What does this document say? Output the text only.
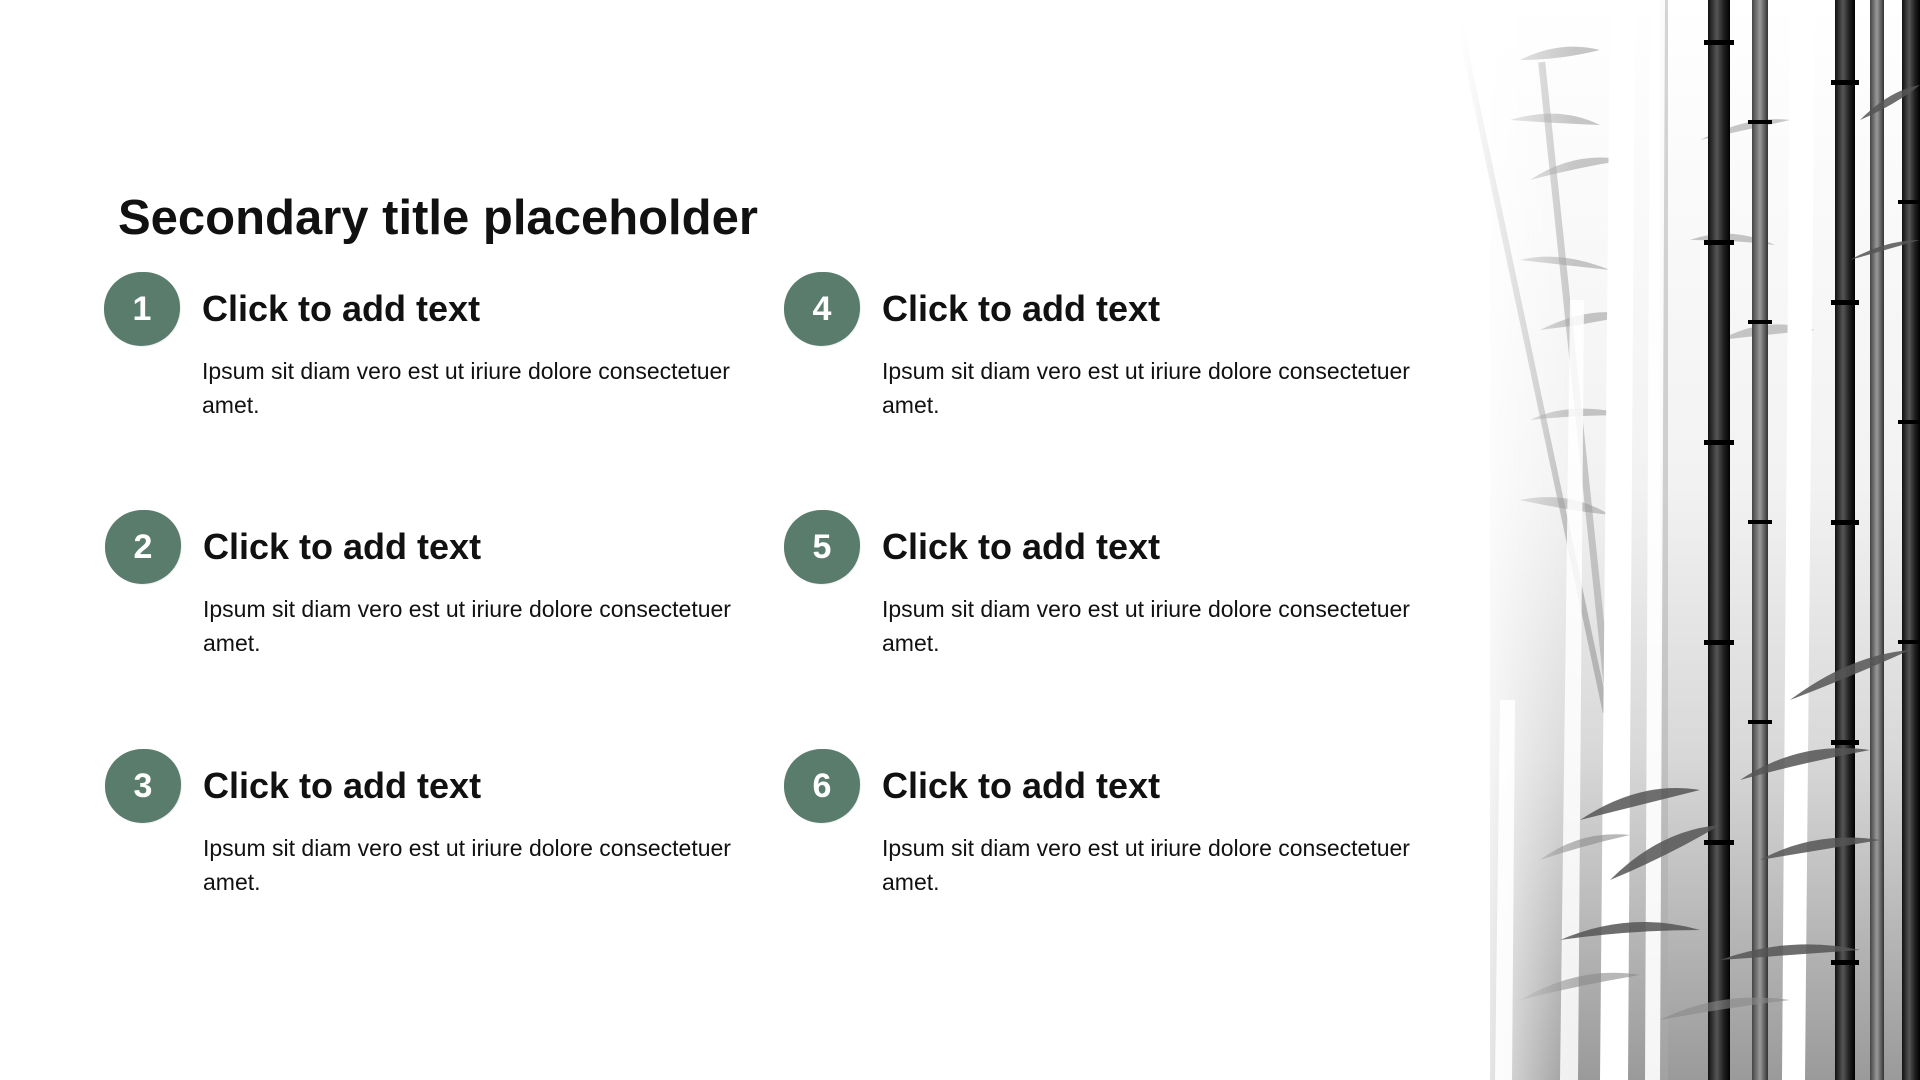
Secondary title placeholder
1	Click to add text
Ipsum sit diam vero est ut iriure dolore consectetuer amet.
2	Click to add text
Ipsum sit diam vero est ut iriure dolore consectetuer amet.
3	Click to add text
Ipsum sit diam vero est ut iriure dolore consectetuer amet.
4	Click to add text
Ipsum sit diam vero est ut iriure dolore consectetuer amet.
5	Click to add text
Ipsum sit diam vero est ut iriure dolore consectetuer amet.
6	Click to add text
Ipsum sit diam vero est ut iriure dolore consectetuer amet.
